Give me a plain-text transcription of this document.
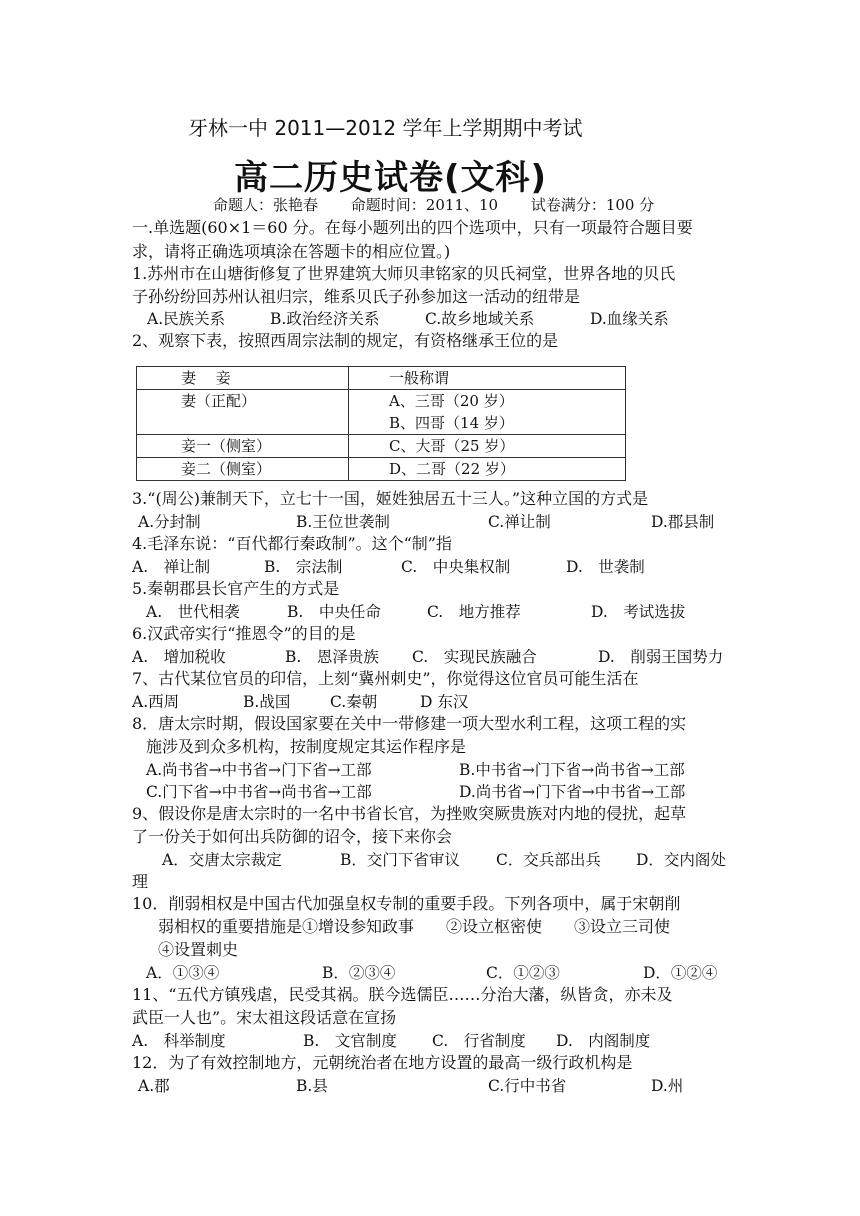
牙林一中 2011—2012 学年上学期期中考试
高二历史试卷(文科)
命题人：张艳春 命题时间：2011、10 试卷满分：100 分
一.单选题(60×1＝60 分。在每小题列出的四个选项中，只有一项最符合题目要
求，请将正确选项填涂在答题卡的相应位置。)
1.苏州市在山塘街修复了世界建筑大师贝聿铭家的贝氏祠堂，世界各地的贝氏
子孙纷纷回苏州认祖归宗，维系贝氏子孙参加这一活动的纽带是
A.民族关系	B.政治经济关系	C.故乡地域关系	D.血缘关系
2、观察下表，按照西周宗法制的规定，有资格继承王位的是
妻　 妾	一般称谓
妻（正配）	A、三哥（20 岁）
B、四哥（14 岁）

妾一（侧室）	C、大哥（25 岁）
妾二（侧室）	D、二哥（22 岁）
3.“(周公)兼制天下，立七十一国，姬姓独居五十三人。”这种立国的方式是
A.分封制	B.王位世袭制	C.禅让制	D.郡县制
4.毛泽东说：“百代都行秦政制”。这个“制”指
A.　禅让制	B.　宗法制	C.　中央集权制	D.　世袭制
5.秦朝郡县长官产生的方式是
A.　世代相袭	B.　中央任命	C.　地方推荐	D.　考试选拔
6.汉武帝实行“推恩令”的目的是
A.　增加税收	B.　恩泽贵族 C.　实现民族融合	D.　削弱王国势力
7、古代某位官员的印信，上刻“冀州刺史”，你觉得这位官员可能生活在
A.西周	B.战国	C.秦朝	D 东汉
8．唐太宗时期，假设国家要在关中一带修建一项大型水利工程，这项工程的实
施涉及到众多机构，按制度规定其运作程序是
A.尚书省→中书省→门下省→工部	B.中书省→门下省→尚书省→工部
C.门下省→中书省→尚书省→工部	D.尚书省→门下省→中书省→工部
9、假设你是唐太宗时的一名中书省长官，为挫败突厥贵族对内地的侵扰，起草
了一份关于如何出兵防御的诏令，接下来你会
A．交唐太宗裁定	B．交门下省审议 C．交兵部出兵 D．交内阁处
理
10．削弱相权是中国古代加强皇权专制的重要手段。下列各项中，属于宋朝削
弱相权的重要措施是①增设参知政事　　②设立枢密使　　③设立三司使
④设置刺史
A．①③④	B．②③④	C．①②③	D．①②④
11、“五代方镇残虐，民受其祸。朕今选儒臣……分治大藩，纵皆贪，亦未及
武臣一人也”。宋太祖这段话意在宣扬
A.　科举制度	B.　文官制度 C.　行省制度 D.　内阁制度
12．为了有效控制地方，元朝统治者在地方设置的最高一级行政机构是
A.郡	B.县	C.行中书省	D.州
